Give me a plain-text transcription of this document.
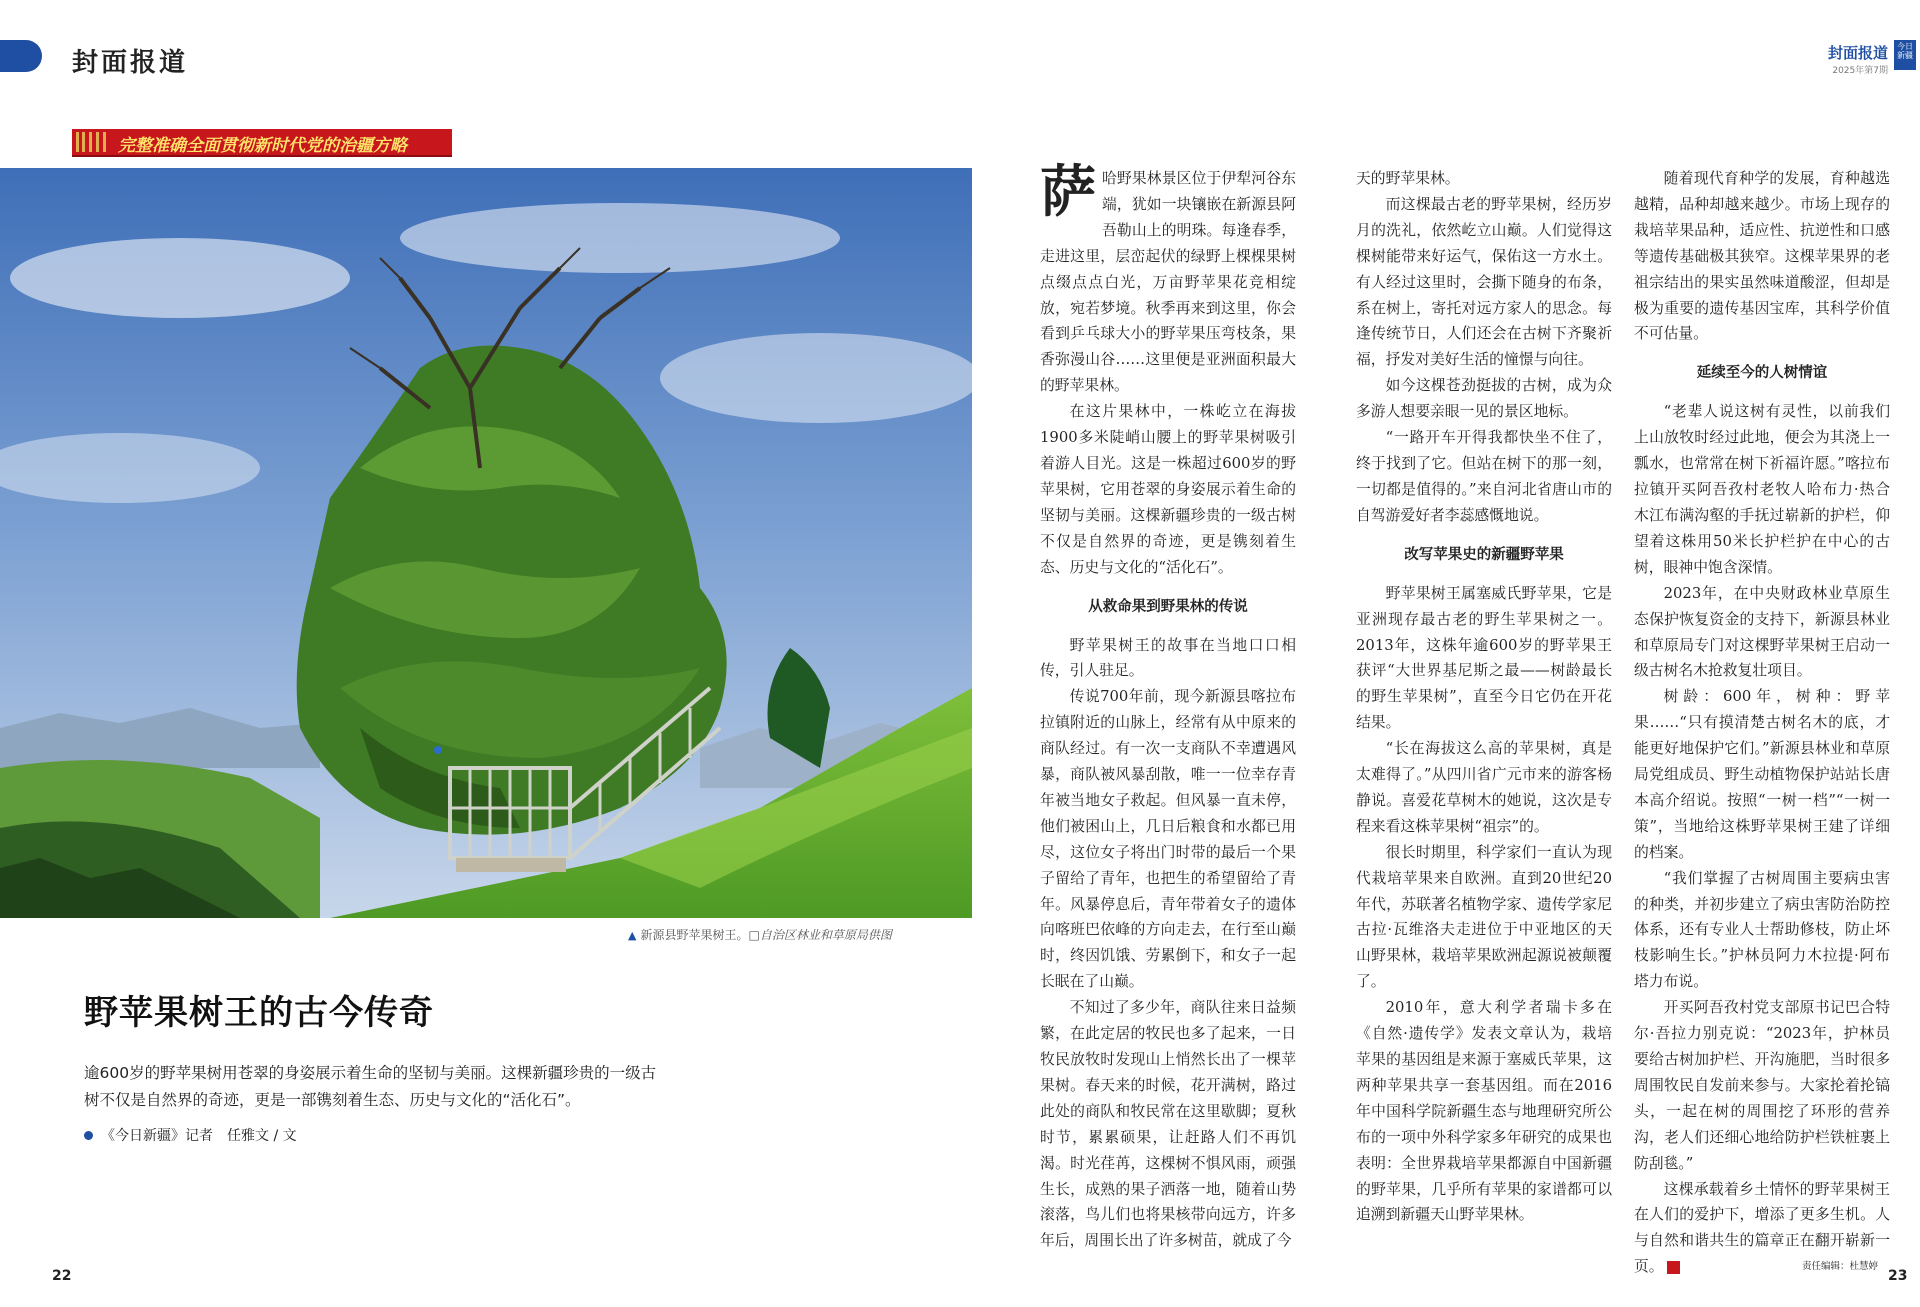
封面报道
完整准确全面贯彻新时代党的治疆方略
▲ 新源县野苹果树王。□自治区林业和草原局供图
野苹果树王的古今传奇
逾600岁的野苹果树用苍翠的身姿展示着生命的坚韧与美丽。这棵新疆珍贵的一级古树不仅是自然界的奇迹，更是一部镌刻着生态、历史与文化的“活化石”。
《今日新疆》记者　任雅文 / 文
22
封面报道
2025年第7期
今日新疆

萨哈野果林景区位于伊犁河谷东端，犹如一块镶嵌在新源县阿吾勒山上的明珠。每逢春季，走进这里，层峦起伏的绿野上棵棵果树点缀点点白光，万亩野苹果花竞相绽放，宛若梦境。秋季再来到这里，你会看到乒乓球大小的野苹果压弯枝条，果香弥漫山谷……这里便是亚洲面积最大的野苹果林。

在这片果林中，一株屹立在海拔1900多米陡峭山腰上的野苹果树吸引着游人目光。这是一株超过600岁的野苹果树，它用苍翠的身姿展示着生命的坚韧与美丽。这棵新疆珍贵的一级古树不仅是自然界的奇迹，更是镌刻着生态、历史与文化的“活化石”。

从救命果到野果林的传说

野苹果树王的故事在当地口口相传，引人驻足。

传说700年前，现今新源县喀拉布拉镇附近的山脉上，经常有从中原来的商队经过。有一次一支商队不幸遭遇风暴，商队被风暴刮散，唯一一位幸存青年被当地女子救起。但风暴一直未停，他们被困山上，几日后粮食和水都已用尽，这位女子将出门时带的最后一个果子留给了青年，也把生的希望留给了青年。风暴停息后，青年带着女子的遗体向喀班巴依峰的方向走去，在行至山巅时，终因饥饿、劳累倒下，和女子一起长眠在了山巅。

不知过了多少年，商队往来日益频繁，在此定居的牧民也多了起来，一日牧民放牧时发现山上悄然长出了一棵苹果树。春天来的时候，花开满树，路过此处的商队和牧民常在这里歇脚；夏秋时节，累累硕果，让赶路人们不再饥渴。时光荏苒，这棵树不惧风雨，顽强生长，成熟的果子洒落一地，随着山势滚落，鸟儿们也将果核带向远方，许多年后，周围长出了许多树苗，就成了今

天的野苹果林。

而这棵最古老的野苹果树，经历岁月的洗礼，依然屹立山巅。人们觉得这棵树能带来好运气，保佑这一方水土。有人经过这里时，会撕下随身的布条，系在树上，寄托对远方家人的思念。每逢传统节日，人们还会在古树下齐聚祈福，抒发对美好生活的憧憬与向往。

如今这棵苍劲挺拔的古树，成为众多游人想要亲眼一见的景区地标。

“一路开车开得我都快坐不住了，终于找到了它。但站在树下的那一刻，一切都是值得的。”来自河北省唐山市的自驾游爱好者李蕊感慨地说。

改写苹果史的新疆野苹果

野苹果树王属塞威氏野苹果，它是亚洲现存最古老的野生苹果树之一。2013年，这株年逾600岁的野苹果王获评“大世界基尼斯之最——树龄最长的野生苹果树”，直至今日它仍在开花结果。

“长在海拔这么高的苹果树，真是太难得了。”从四川省广元市来的游客杨静说。喜爱花草树木的她说，这次是专程来看这株苹果树“祖宗”的。

很长时期里，科学家们一直认为现代栽培苹果来自欧洲。直到20世纪20年代，苏联著名植物学家、遗传学家尼古拉·瓦维洛夫走进位于中亚地区的天山野果林，栽培苹果欧洲起源说被颠覆了。

2010年，意大利学者瑞卡多在《自然·遗传学》发表文章认为，栽培苹果的基因组是来源于塞威氏苹果，这两种苹果共享一套基因组。而在2016年中国科学院新疆生态与地理研究所公布的一项中外科学家多年研究的成果也表明：全世界栽培苹果都源自中国新疆的野苹果，几乎所有苹果的家谱都可以追溯到新疆天山野苹果林。

随着现代育种学的发展，育种越选越精，品种却越来越少。市场上现存的栽培苹果品种，适应性、抗逆性和口感等遗传基础极其狭窄。这棵苹果界的老祖宗结出的果实虽然味道酸涩，但却是极为重要的遗传基因宝库，其科学价值不可估量。

延续至今的人树情谊

“老辈人说这树有灵性，以前我们上山放牧时经过此地，便会为其浇上一瓢水，也常常在树下祈福许愿。”喀拉布拉镇开买阿吾孜村老牧人哈布力·热合木江布满沟壑的手抚过崭新的护栏，仰望着这株用50米长护栏护在中心的古树，眼神中饱含深情。

2023年，在中央财政林业草原生态保护恢复资金的支持下，新源县林业和草原局专门对这棵野苹果树王启动一级古树名木抢救复壮项目。

树龄：600年，树种：野苹果……“只有摸清楚古树名木的底，才能更好地保护它们。”新源县林业和草原局党组成员、野生动植物保护站站长唐本高介绍说。按照“一树一档”“一树一策”，当地给这株野苹果树王建了详细的档案。

“我们掌握了古树周围主要病虫害的种类，并初步建立了病虫害防治防控体系，还有专业人士帮助修枝，防止坏枝影响生长。”护林员阿力木拉提·阿布塔力布说。

开买阿吾孜村党支部原书记巴合特尔·吾拉力别克说：“2023年，护林员要给古树加护栏、开沟施肥，当时很多周围牧民自发前来参与。大家抡着抡镐头，一起在树的周围挖了环形的营养沟，老人们还细心地给防护栏铁桩裹上防刮毯。”

这棵承载着乡土情怀的野苹果树王在人们的爱护下，增添了更多生机。人与自然和谐共生的篇章正在翻开崭新一页。	责任编辑：杜慧婷
23
